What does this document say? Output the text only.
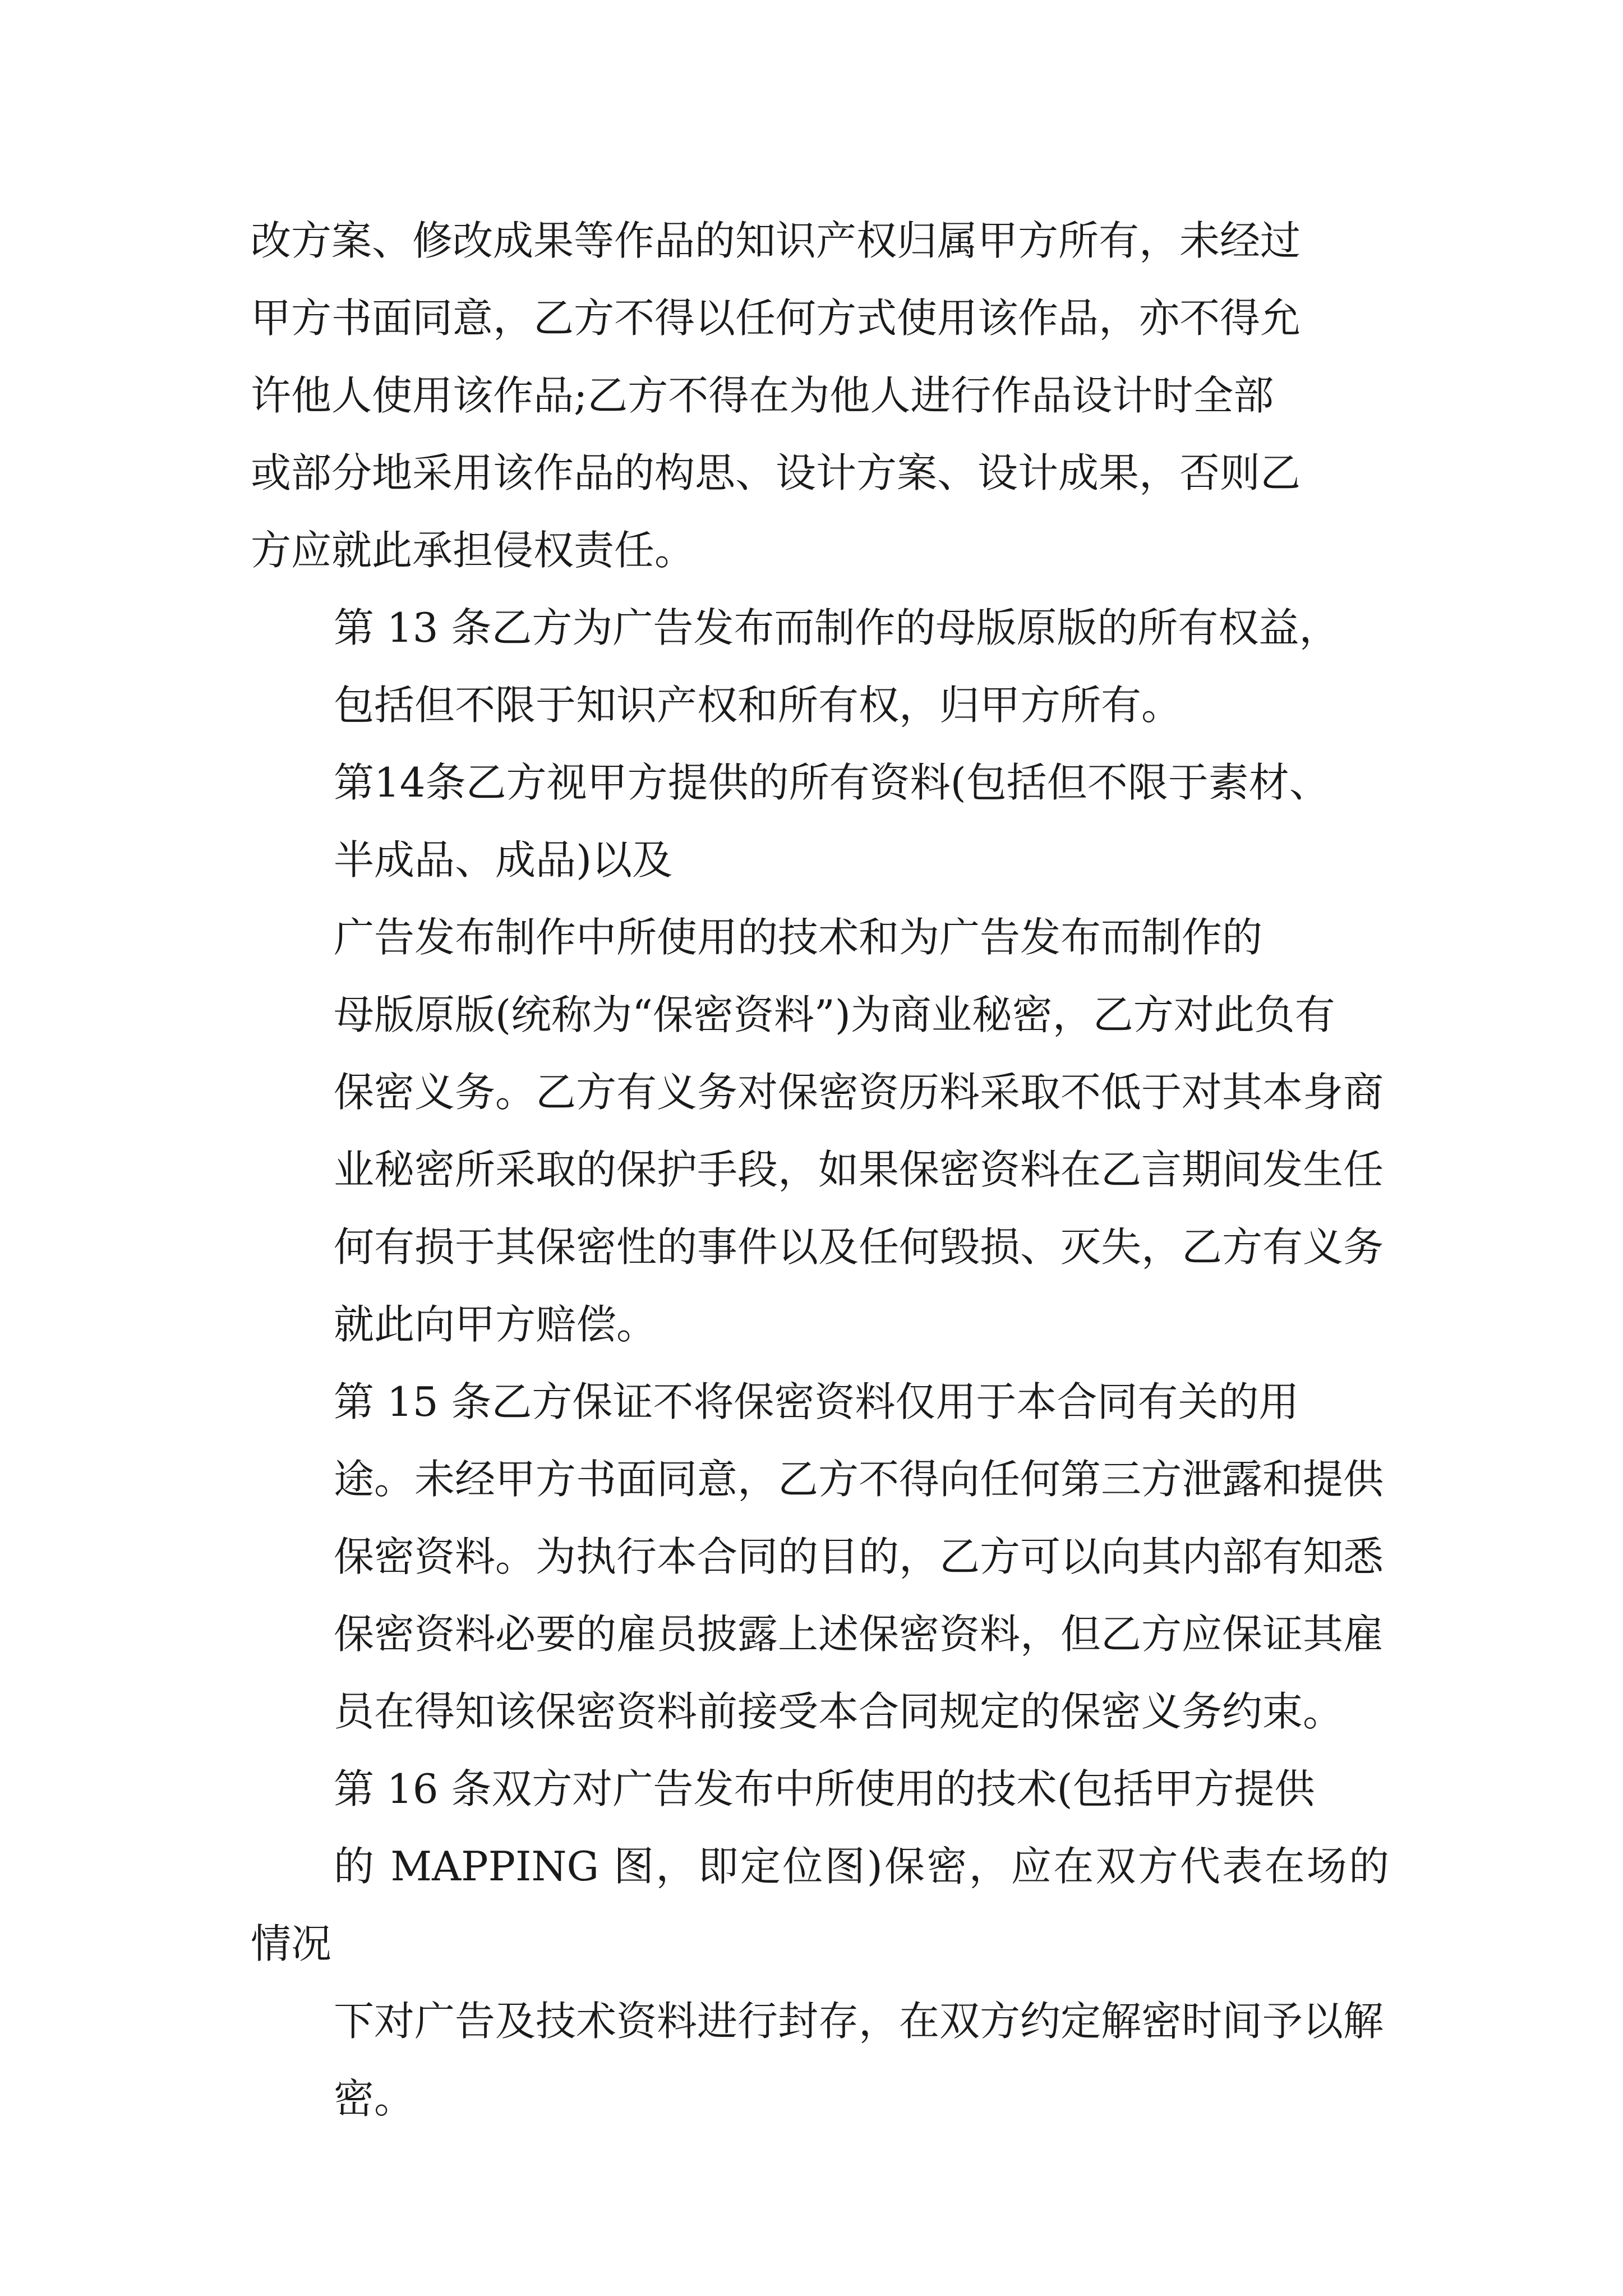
改方案、修改成果等作品的知识产权归属甲方所有，未经过
甲方书面同意，乙方不得以任何方式使用该作品，亦不得允
许他人使用该作品;乙方不得在为他人进行作品设计时全部
或部分地采用该作品的构思、设计方案、设计成果，否则乙
方应就此承担侵权责任。

第 13 条乙方为广告发布而制作的母版原版的所有权益，
包括但不限于知识产权和所有权，归甲方所有。

第14条乙方视甲方提供的所有资料(包括但不限于素材、
半成品、成品)以及

广告发布制作中所使用的技术和为广告发布而制作的
母版原版(统称为“保密资料”)为商业秘密，乙方对此负有
保密义务。乙方有义务对保密资历料采取不低于对其本身商
业秘密所采取的保护手段，如果保密资料在乙言期间发生任
何有损于其保密性的事件以及任何毁损、灭失，乙方有义务
就此向甲方赔偿。

第 15 条乙方保证不将保密资料仅用于本合同有关的用
途。未经甲方书面同意，乙方不得向任何第三方泄露和提供
保密资料。为执行本合同的目的，乙方可以向其内部有知悉
保密资料必要的雇员披露上述保密资料，但乙方应保证其雇
员在得知该保密资料前接受本合同规定的保密义务约束。

第 16 条双方对广告发布中所使用的技术(包括甲方提供
的 MAPPING 图，即定位图)保密，应在双方代表在场的情况
下对广告及技术资料进行封存，在双方约定解密时间予以解
密。
